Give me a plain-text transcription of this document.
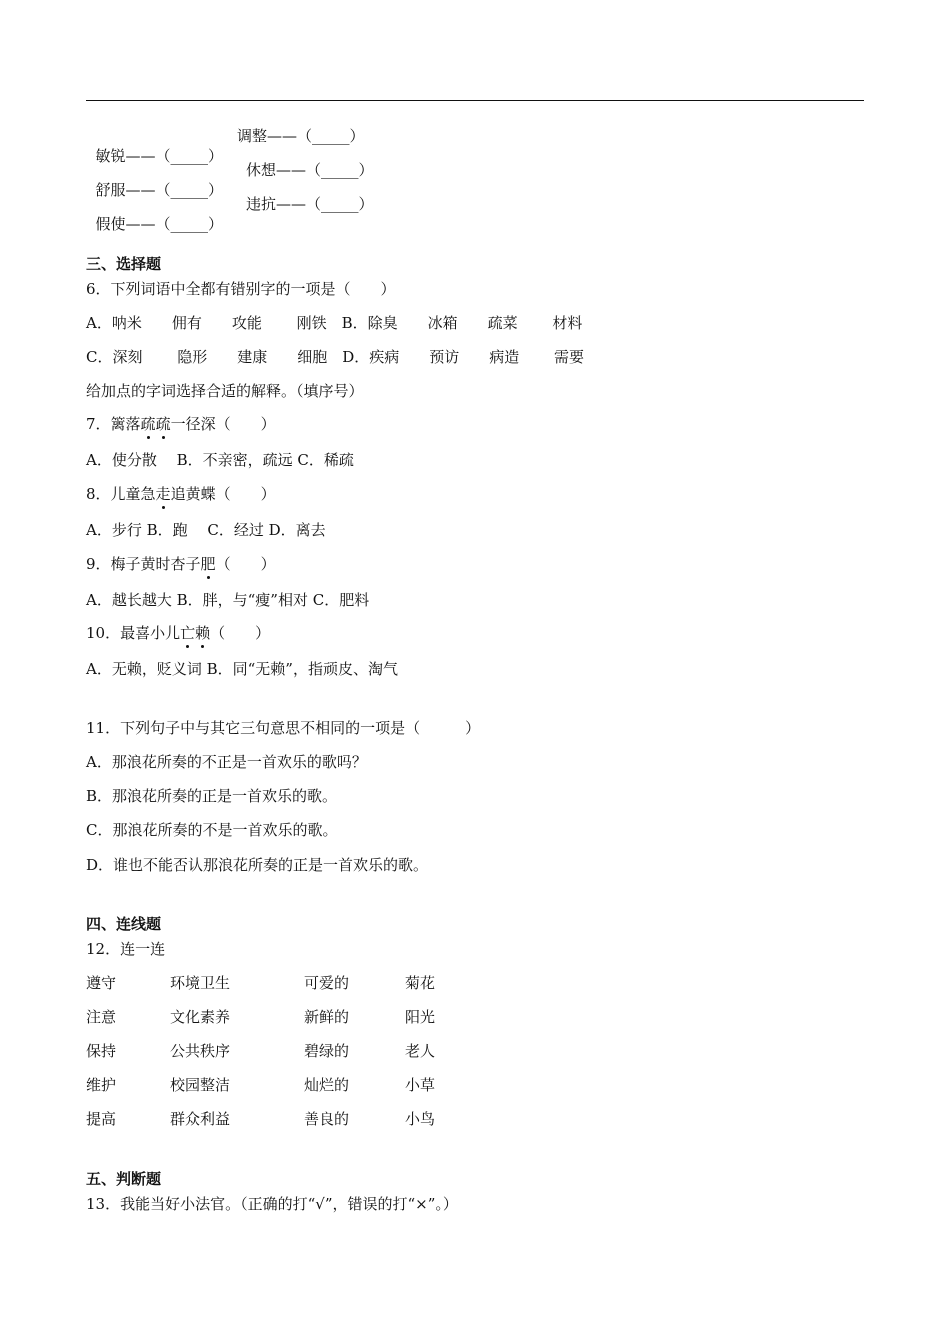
敏锐——（_____）
调整——（_____）

舒服——（_____）
休想——（_____）

假使——（_____）
违抗——（_____）

三、选择题
6．下列词语中全都有错别字的一项是（　　）
A．呐米　　佣有　　攻能　　 刚铁　B．除臭　　冰箱　　疏菜　　 材料
C．深刻　　 隐形　　建康　　细胞　D．疾病　　预访　　病造　　 需要
给加点的字词选择合适的解释。（填序号）
7．篱落疏疏一径深（　　）
A．使分散　 B．不亲密，疏远 C．稀疏
8．儿童急走追黄蝶（　　）
A．步行 B．跑　 C．经过 D．离去
9．梅子黄时杏子肥（　　）
A．越长越大 B．胖，与“瘦”相对 C．肥料
10．最喜小儿亡赖（　　）
A．无赖，贬义词 B．同“无赖”，指顽皮、淘气
11．下列句子中与其它三句意思不相同的一项是（　　　）
A．那浪花所奏的不正是一首欢乐的歌吗？
B．那浪花所奏的正是一首欢乐的歌。
C．那浪花所奏的不是一首欢乐的歌。
D．谁也不能否认那浪花所奏的正是一首欢乐的歌。
四、连线题
12．连一连
遵守	环境卫生	可爱的	菊花
注意	文化素养	新鲜的	阳光
保持	公共秩序	碧绿的	老人
维护	校园整洁	灿烂的	小草
提高	群众利益	善良的	小鸟
五、判断题
13．我能当好小法官。（正确的打“√”，错误的打“×”。）
